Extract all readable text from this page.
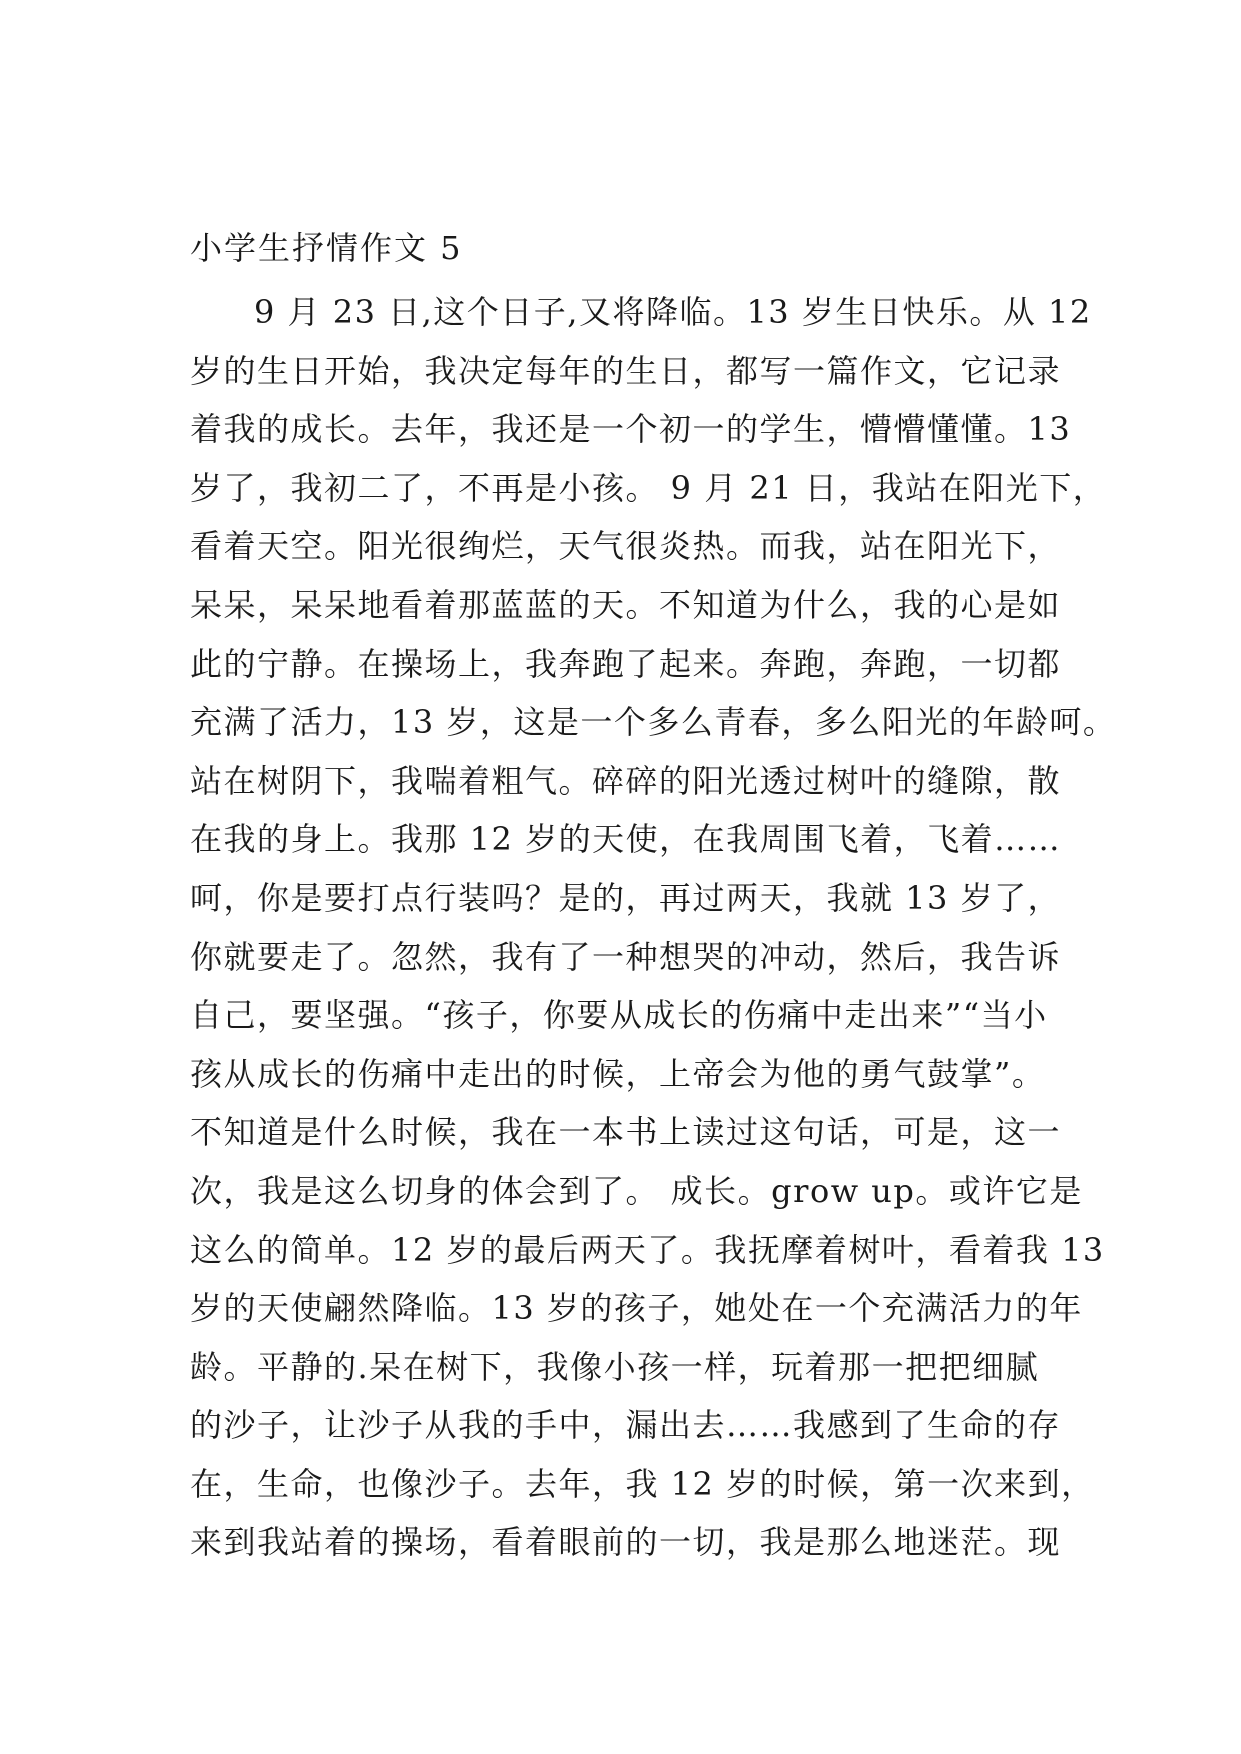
小学生抒情作文 5
9 月 23 日,这个日子,又将降临。13 岁生日快乐。从 12
岁的生日开始，我决定每年的生日，都写一篇作文，它记录
着我的成长。去年，我还是一个初一的学生，懵懵懂懂。13
岁了，我初二了，不再是小孩。 9 月 21 日，我站在阳光下，
看着天空。阳光很绚烂，天气很炎热。而我，站在阳光下，
呆呆，呆呆地看着那蓝蓝的天。不知道为什么，我的心是如
此的宁静。在操场上，我奔跑了起来。奔跑，奔跑，一切都
充满了活力，13 岁，这是一个多么青春，多么阳光的年龄呵。
站在树阴下，我喘着粗气。碎碎的阳光透过树叶的缝隙，散
在我的身上。我那 12 岁的天使，在我周围飞着，飞着……
呵，你是要打点行装吗？是的，再过两天，我就 13 岁了，
你就要走了。忽然，我有了一种想哭的冲动，然后，我告诉
自己，要坚强。“孩子，你要从成长的伤痛中走出来”“当小
孩从成长的伤痛中走出的时候，上帝会为他的勇气鼓掌”。
不知道是什么时候，我在一本书上读过这句话，可是，这一
次，我是这么切身的体会到了。 成长。grow up。或许它是
这么的简单。12 岁的最后两天了。我抚摩着树叶，看着我 13
岁的天使翩然降临。13 岁的孩子，她处在一个充满活力的年
龄。平静的.呆在树下，我像小孩一样，玩着那一把把细腻
的沙子，让沙子从我的手中，漏出去……我感到了生命的存
在，生命，也像沙子。去年，我 12 岁的时候，第一次来到，
来到我站着的操场，看着眼前的一切，我是那么地迷茫。现
